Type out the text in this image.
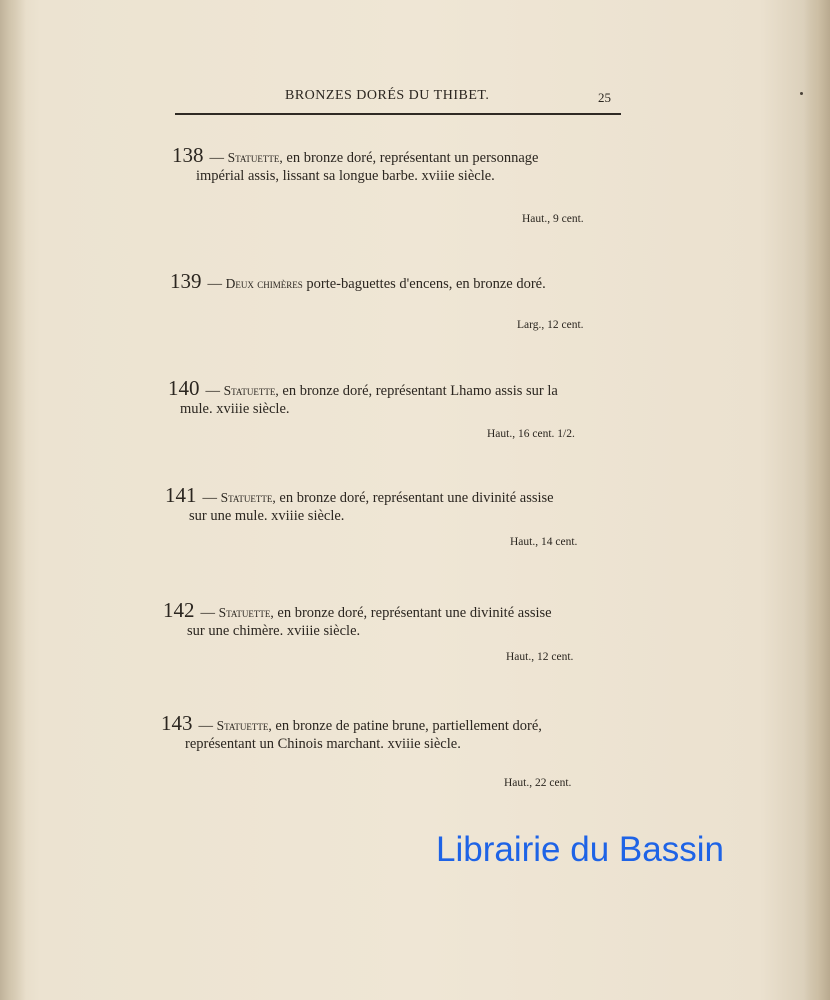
BRONZES DORÉS DU THIBET.	25
138 — Statuette, en bronze doré, représentant un personnage
impérial assis, lissant sa longue barbe. xviiie siècle.
Haut., 9 cent.
139 — Deux chimères porte-baguettes d'encens, en bronze doré.
Larg., 12 cent.
140 — Statuette, en bronze doré, représentant Lhamo assis sur la
mule. xviiie siècle.
Haut., 16 cent. 1/2.
141 — Statuette, en bronze doré, représentant une divinité assise
sur une mule. xviiie siècle.
Haut., 14 cent.
142 — Statuette, en bronze doré, représentant une divinité assise
sur une chimère. xviiie siècle.
Haut., 12 cent.
143 — Statuette, en bronze de patine brune, partiellement doré,
représentant un Chinois marchant. xviiie siècle.
Haut., 22 cent.
Librairie du Bassin
